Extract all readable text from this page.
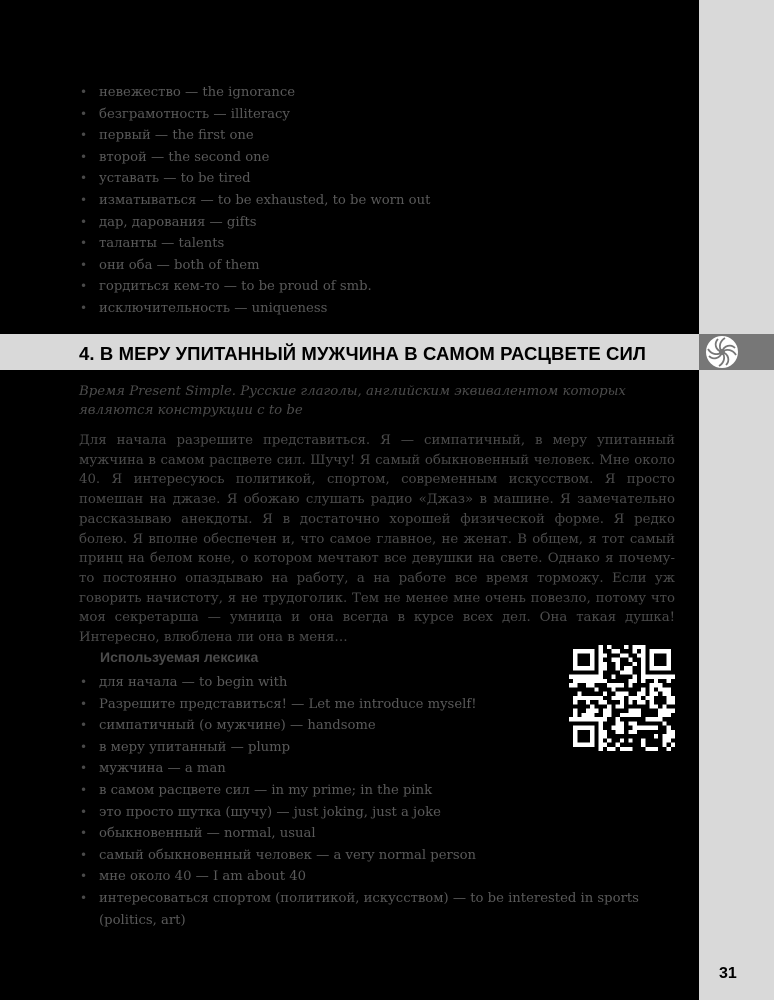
• невежество — the ignorance
• безграмотность — illiteracy
• первый — the first one
• второй — the second one
• уставать — to be tired
• изматываться — to be exhausted, to be worn out
• дар, дарования — gifts
• таланты — talents
• они оба — both of them
• гордиться кем-то — to be proud of smb.
• исключительность — uniqueness
4. В МЕРУ УПИТАННЫЙ МУЖЧИНА В САМОМ РАСЦВЕТЕ СИЛ

Время Present Simple. Русские глаголы, английским эквивалентом которых являются конструкции с to be

Для начала разрешите представиться. Я — симпатичный, в меру упитанный мужчина в самом расцвете сил. Шучу! Я самый обыкновенный человек. Мне около 40. Я интересуюсь политикой, спортом, современным искусством. Я просто помешан на джазе. Я обожаю слушать радио «Джаз» в машине. Я замечательно рассказываю анекдоты. Я в достаточно хорошей физической форме. Я редко болею. Я вполне обеспечен и, что самое главное, не женат. В общем, я тот самый принц на белом коне, о котором мечтают все девушки на свете. Однако я почему-то постоянно опаздываю на работу, а на работе все время торможу. Если уж говорить начистоту, я не трудоголик. Тем не менее мне очень повезло, потому что моя секретарша — умница и она всегда в курсе всех дел. Она такая душка! Интересно, влюблена ли она в меня…

Используемая лексика
• для начала — to begin with
• Разрешите представиться! — Let me introduce myself!
• симпатичный (о мужчине) — handsome
• в меру упитанный — plump
• мужчина — a man
• в самом расцвете сил — in my prime; in the pink
• это просто шутка (шучу) — just joking, just a joke
• обыкновенный — normal, usual
• самый обыкновенный человек — a very normal person
• мне около 40 — I am about 40
• интересоваться спортом (политикой, искусством) — to be interested in sports (politics, art)
31
